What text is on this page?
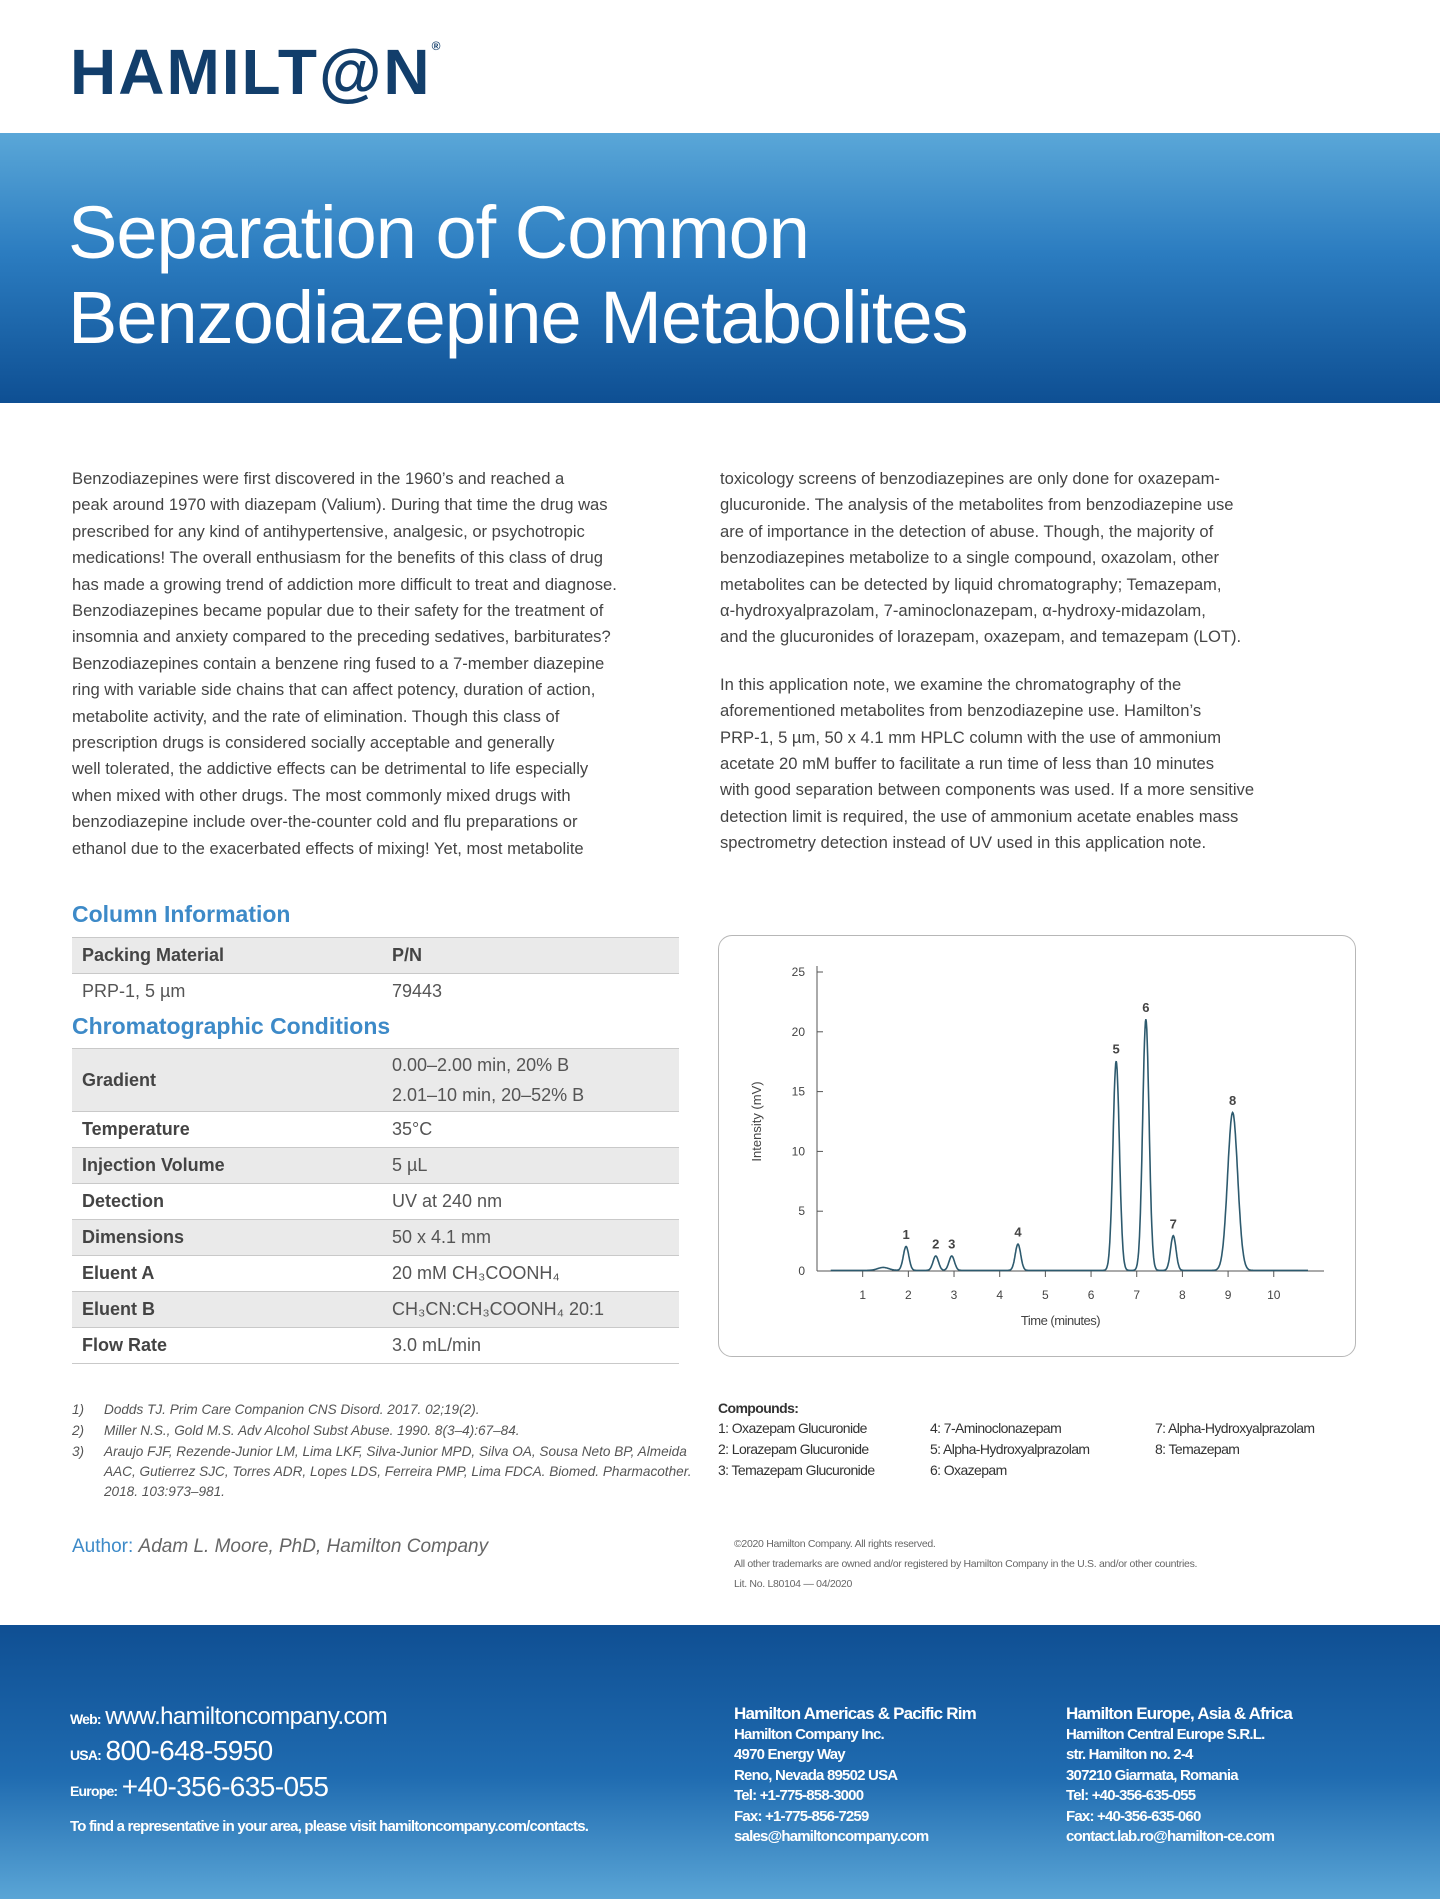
HAMILT@N®
Separation of Common
Benzodiazepine Metabolites
Benzodiazepines were first discovered in the 1960’s and reached a
peak around 1970 with diazepam (Valium). During that time the drug was
prescribed for any kind of antihypertensive, analgesic, or psychotropic
medications! The overall enthusiasm for the benefits of this class of drug
has made a growing trend of addiction more difficult to treat and diagnose.
Benzodiazepines became popular due to their safety for the treatment of
insomnia and anxiety compared to the preceding sedatives, barbiturates?
Benzodiazepines contain a benzene ring fused to a 7-member diazepine
ring with variable side chains that can affect potency, duration of action,
metabolite activity, and the rate of elimination. Though this class of
prescription drugs is considered socially acceptable and generally
well tolerated, the addictive effects can be detrimental to life especially
when mixed with other drugs. The most commonly mixed drugs with
benzodiazepine include over-the-counter cold and flu preparations or
ethanol due to the exacerbated effects of mixing! Yet, most metabolite

toxicology screens of benzodiazepines are only done for oxazepam-
glucuronide. The analysis of the metabolites from benzodiazepine use
are of importance in the detection of abuse. Though, the majority of
benzodiazepines metabolize to a single compound, oxazolam, other
metabolites can be detected by liquid chromatography; Temazepam,
α-hydroxyalprazolam, 7-aminoclonazepam, α-hydroxy-midazolam,
and the glucuronides of lorazepam, oxazepam, and temazepam (LOT).

In this application note, we examine the chromatography of the
aforementioned metabolites from benzodiazepine use. Hamilton’s
PRP-1, 5 µm, 50 x 4.1 mm HPLC column with the use of ammonium
acetate 20 mM buffer to facilitate a run time of less than 10 minutes
with good separation between components was used. If a more sensitive
detection limit is required, the use of ammonium acetate enables mass
spectrometry detection instead of UV used in this application note.

Column Information
Packing Material	P/N
PRP-1, 5 µm	79443
Chromatographic Conditions
Gradient	0.00–2.00 min, 20% B
2.01–10 min, 20–52% B

Temperature	35°C
Injection Volume	5 µL
Detection	UV at 240 nm
Dimensions	50 x 4.1 mm
Eluent A	20 mM CH₃COONH₄
Eluent B	CH₃CN:CH₃COONH₄ 20:1
Flow Rate	3.0 mL/min
0
5
10
15
20
25
1	2	3	4	5	6	7	8	9	10
Time (minutes)
Intensity (mV)
1
2 3
4
5
6
7
8
1)	Dodds TJ. Prim Care Companion CNS Disord. 2017. 02;19(2).
2)	Miller N.S., Gold M.S. Adv Alcohol Subst Abuse. 1990. 8(3–4):67–84.
3)	Araujo FJF, Rezende-Junior LM, Lima LKF, Silva-Junior MPD, Silva OA, Sousa Neto BP, Almeida AAC, Gutierrez SJC, Torres ADR, Lopes LDS, Ferreira PMP, Lima FDCA. Biomed. Pharmacother. 2018. 103:973–981.
Author: Adam L. Moore, PhD, Hamilton Company
Compounds:
1: Oxazepam Glucuronide
2: Lorazepam Glucuronide
3: Temazepam Glucuronide
4: 7-Aminoclonazepam
5: Alpha-Hydroxyalprazolam
6: Oxazepam
7: Alpha-Hydroxyalprazolam
8: Temazepam
©2020 Hamilton Company. All rights reserved.
All other trademarks are owned and/or registered by Hamilton Company in the U.S. and/or other countries.
Lit. No. L80104 — 04/2020
Web: www.hamiltoncompany.com
USA: 800-648-5950
Europe: +40-356-635-055
To find a representative in your area, please visit hamiltoncompany.com/contacts.
Hamilton Americas & Pacific Rim
Hamilton Company Inc.
4970 Energy Way
Reno, Nevada 89502 USA
Tel: +1-775-858-3000
Fax: +1-775-856-7259
sales@hamiltoncompany.com
Hamilton Europe, Asia & Africa
Hamilton Central Europe S.R.L.
str. Hamilton no. 2-4
307210 Giarmata, Romania
Tel: +40-356-635-055
Fax: +40-356-635-060
contact.lab.ro@hamilton-ce.com
